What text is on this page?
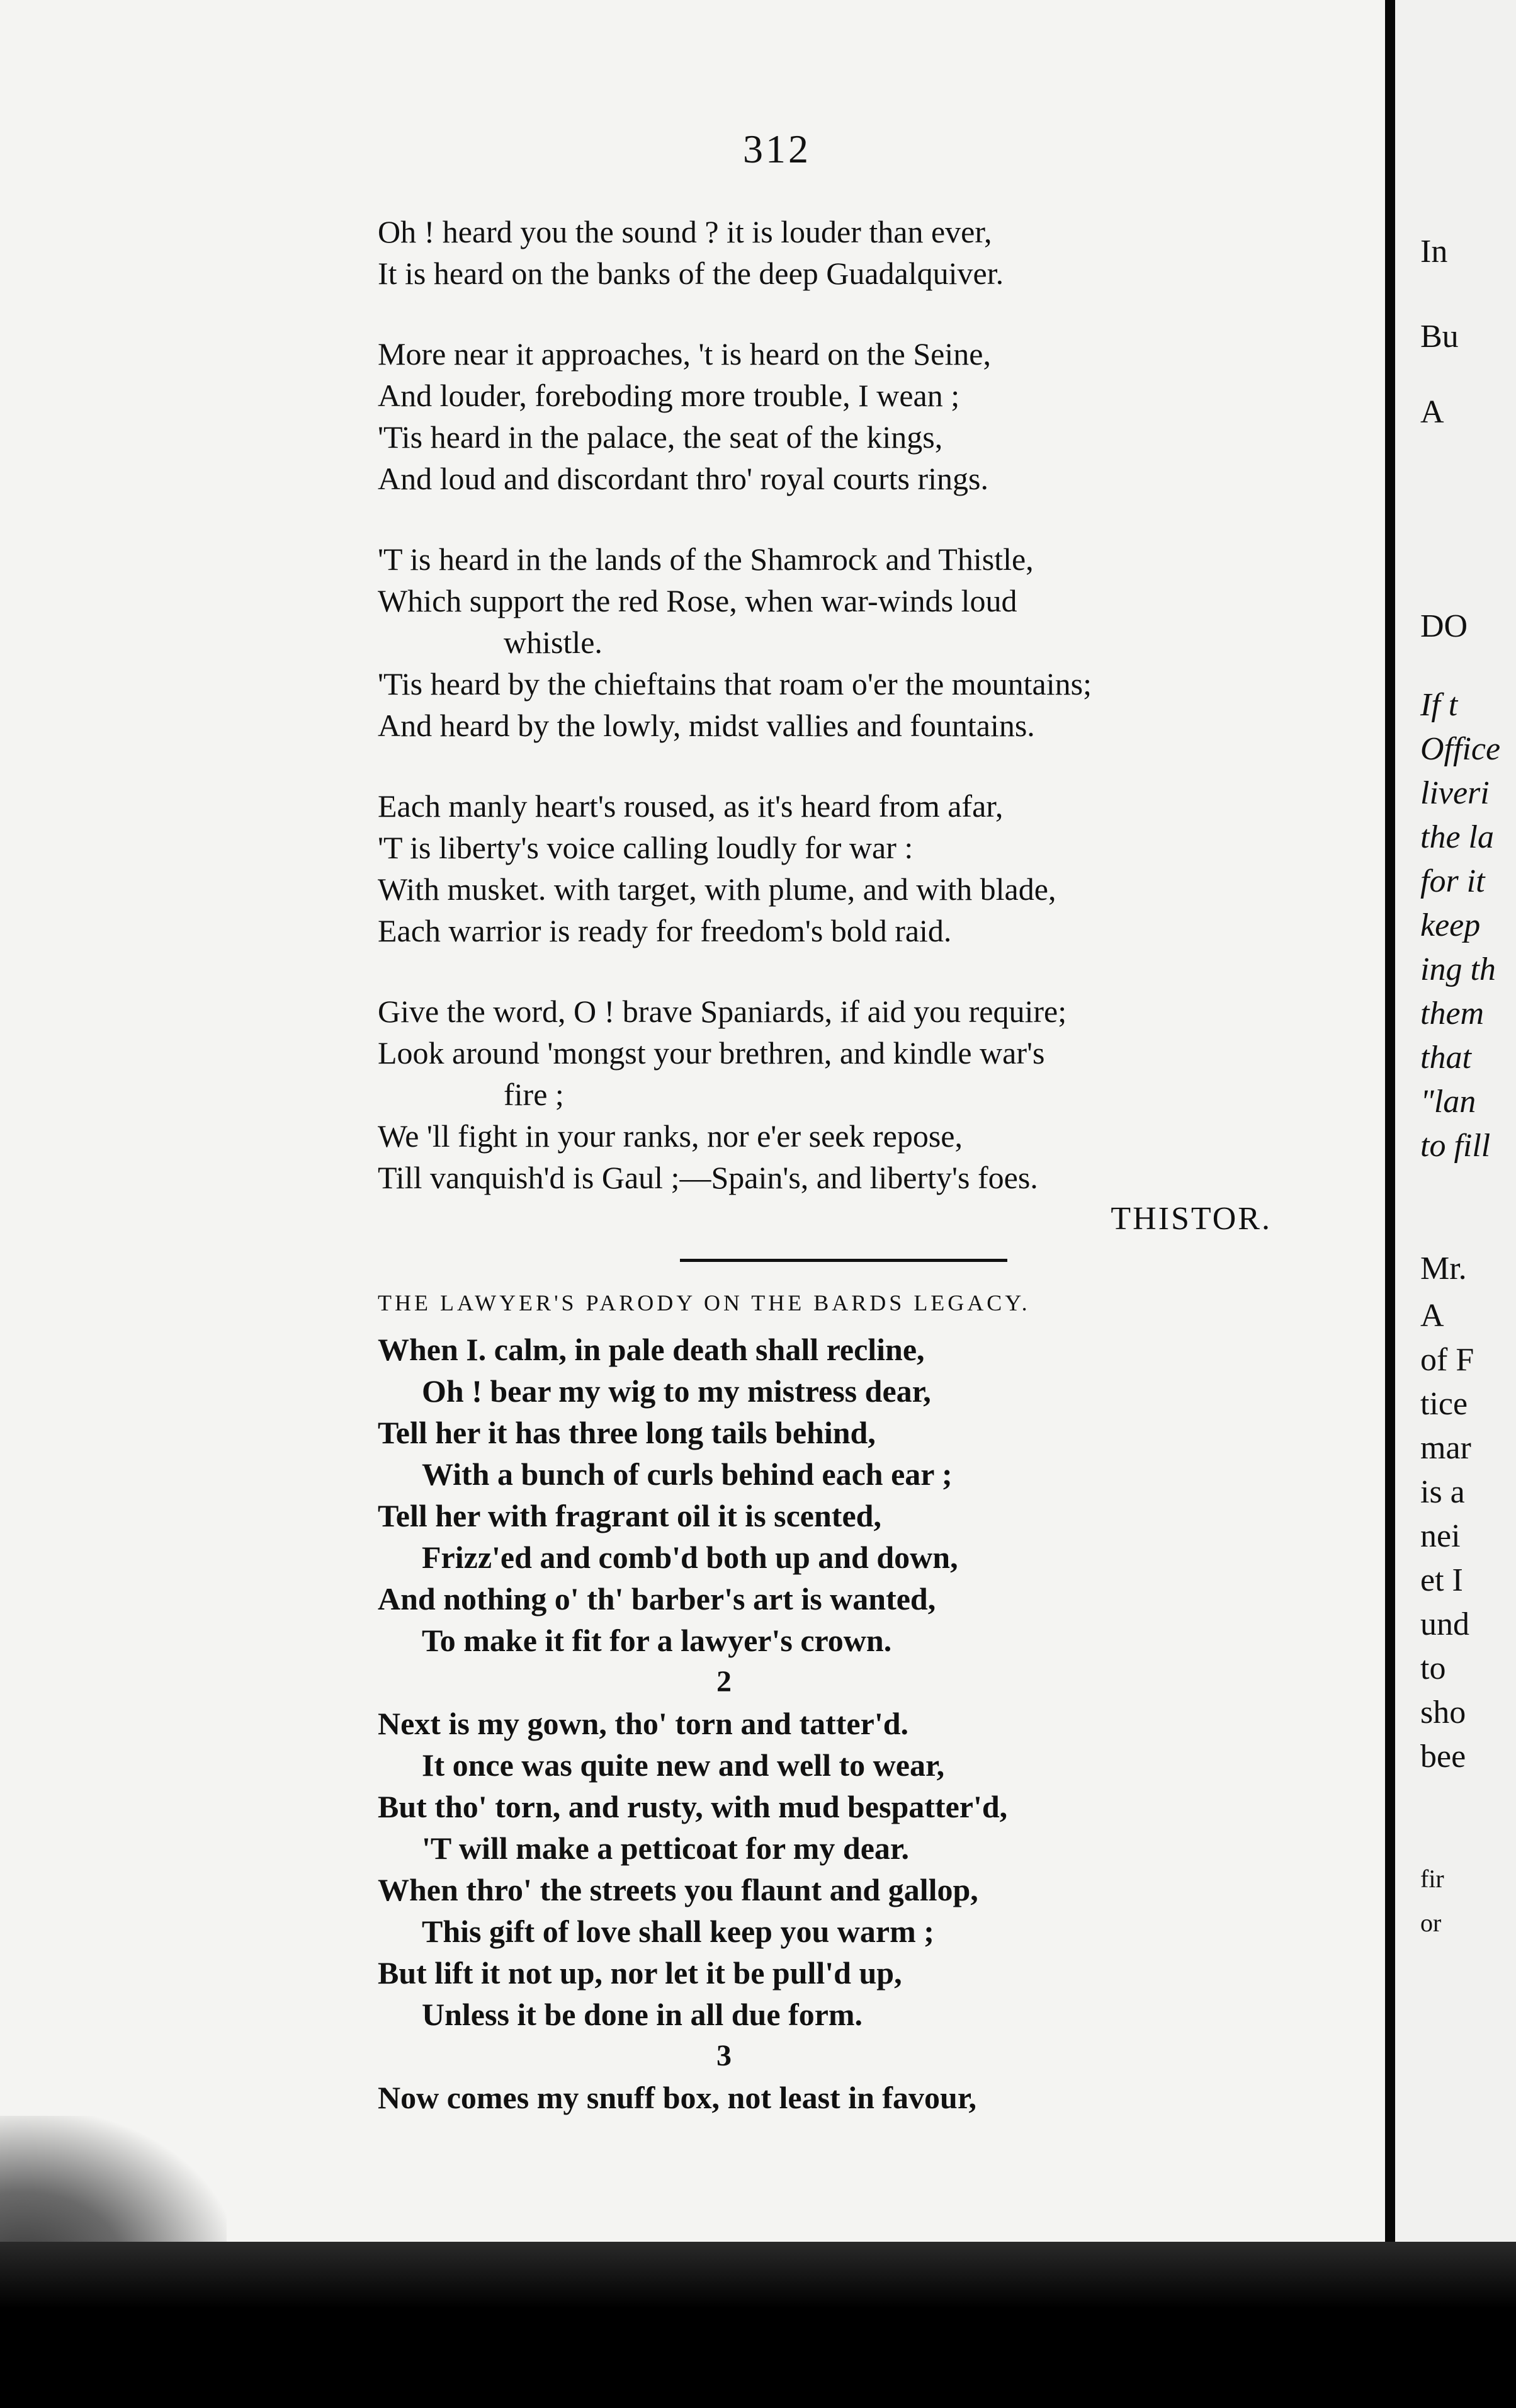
312
Oh ! heard you the sound ? it is louder than ever,
It is heard on the banks of the deep Guadalquiver.
More near it approaches, 't is heard on the Seine,
And louder, foreboding more trouble, I wean ;
'Tis heard in the palace, the seat of the kings,
And loud and discordant thro' royal courts rings.
'T is heard in the lands of the Shamrock and Thistle,
Which support the red Rose, when war-winds loud
whistle.
'Tis heard by the chieftains that roam o'er the mountains;
And heard by the lowly, midst vallies and fountains.
Each manly heart's roused, as it's heard from afar,
'T is liberty's voice calling loudly for war :
With musket. with target, with plume, and with blade,
Each warrior is ready for freedom's bold raid.
Give the word, O ! brave Spaniards, if aid you require;
Look around 'mongst your brethren, and kindle war's
fire ;
We 'll fight in your ranks, nor e'er seek repose,
Till vanquish'd is Gaul ;—Spain's, and liberty's foes.
THISTOR.
THE LAWYER'S PARODY ON THE BARDS LEGACY.
When I. calm, in pale death shall recline,
Oh ! bear my wig to my mistress dear,
Tell her it has three long tails behind,
With a bunch of curls behind each ear ;
Tell her with fragrant oil it is scented,
Frizz'ed and comb'd both up and down,
And nothing o' th' barber's art is wanted,
To make it fit for a lawyer's crown.
2
Next is my gown, tho' torn and tatter'd.
It once was quite new and well to wear,
But tho' torn, and rusty, with mud bespatter'd,
'T will make a petticoat for my dear.
When thro' the streets you flaunt and gallop,
This gift of love shall keep you warm ;
But lift it not up, nor let it be pull'd up,
Unless it be done in all due form.
3
Now comes my snuff box, not least in favour,
In
Bu
A
DO
If t
Office
liveri
the la
for it
keep
ing th
them
that
"lan
to fill
Mr.
A
of F
tice
mar
is a
nei
et I
und
to
sho
bee
fir
or
